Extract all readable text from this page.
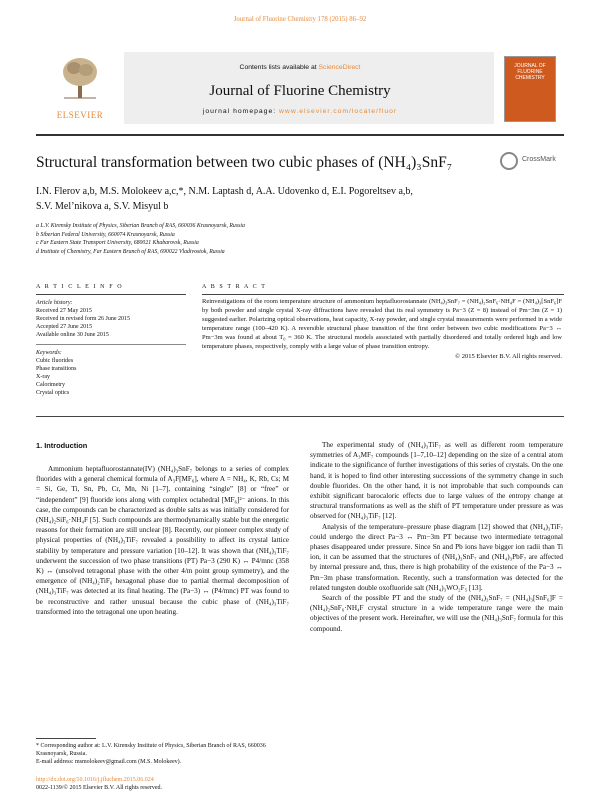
Journal of Fluorine Chemistry 178 (2015) 86–92
ELSEVIER
Contents lists available at ScienceDirect
Journal of Fluorine Chemistry
journal homepage: www.elsevier.com/locate/fluor
JOURNAL OF FLUORINE CHEMISTRY
Structural transformation between two cubic phases of (NH₄)₃SnF₇	CrossMark
I.N. Flerov a,b, M.S. Molokeev a,c,*, N.M. Laptash d, A.A. Udovenko d, E.I. Pogoreltsev a,b,
S.V. Mel’nikova a, S.V. Misyul b
a L.V. Kirensky Institute of Physics, Siberian Branch of RAS, 660036 Krasnoyarsk, Russia
b Siberian Federal University, 660074 Krasnoyarsk, Russia
c Far Eastern State Transport University, 680021 Khabarovsk, Russia
d Institute of Chemistry, Far Eastern Branch of RAS, 690022 Vladivostok, Russia
A R T I C L E I N F O	A B S T R A C T
Article history:
Received 27 May 2015
Received in revised form 26 June 2015
Accepted 27 June 2015
Available online 30 June 2015
Keywords:
Cubic fluorides
Phase transitions
X-ray
Calorimetry
Crystal optics
Reinvestigations of the room temperature structure of ammonium heptafluorostannate (NH₄)₃SnF₇ = (NH₄)₂SnF₆·NH₄F = (NH₄)₃[SnF₆]F by both powder and single crystal X-ray diffractions have revealed that its real symmetry is Pa−3 (Z = 8) instead of Pm−3m (Z = 1) suggested earlier. Polarizing optical observations, heat capacity, X-ray powder, and single crystal measurements were performed in a wide temperature range (100–420 K). A reversible structural phase transition of the first order between two cubic modifications Pa−3 ↔ Pm−3m was found at about T₀ = 360 K. The structural models associated with partially disordered and totally ordered high and low temperature phases, respectively, comply with a large value of phase transition entropy.
© 2015 Elsevier B.V. All rights reserved.
1. Introduction

Ammonium heptafluorostannate(IV) (NH₄)₃SnF₇ belongs to a series of complex fluorides with a general chemical formula of A₃F[MF₆], where A = NH₄, K, Rb, Cs; M = Si, Ge, Ti, Sn, Pb, Cr, Mn, Ni [1–7], containing “single” [8] or “free” or “independent” [9] fluoride ions along with complex octahedral [MF₆]²⁻ anions. In this case, the compounds can be characterized as double salts as was initially considered for (NH₄)₂SiF₆·NH₄F [5]. Such compounds are thermodynamically stable but the energetic reasons for their formation are still unclear [8]. Recently, our pioneer complex study of physical properties of (NH₄)₃TiF₇ revealed a possibility to affect its crystal lattice stability by temperature and pressure variation [10–12]. It was shown that (NH₄)₃TiF₇ underwent the succession of two phase transitions (PT) Pa−3 (290 K) ↔ P4/mnc (358 K) ↔ (unsolved tetragonal phase with the other 4/m point group symmetry), and the emergence of (NH₄)₂TiF₆ hexagonal phase due to partial thermal decomposition of (NH₄)₃TiF₇ was detected at its final heating. The (Pa−3) ↔ (P4/mnc) PT was found to be reconstructive and rather unusual because the cubic phase of (NH₄)₃TiF₇ transformed into the tetragonal one upon heating.

The experimental study of (NH₄)₃TiF₇ as well as different room temperature symmetries of A₃MF₇ compounds [1–7,10–12] depending on the size of a central atom indicate to the significance of further investigations of this series of crystals. On the one hand, it is hoped to find other interesting successions of the symmetry change in such double fluorides. On the other hand, it is not improbable that such compounds can exhibit significant barocaloric effects due to large values of the entropy change at structural transformations as well as the shift of PT temperature under pressure as was observed for (NH₄)₃TiF₇ [12].

Analysis of the temperature–pressure phase diagram [12] showed that (NH₄)₃TiF₇ could undergo the direct Pa−3 ↔ Pm−3m PT because two intermediate tetragonal phases disappeared under pressure. Since Sn and Pb ions have bigger ion radii than Ti ion, it can be assumed that the structures of (NH₄)₃SnF₇ and (NH₄)₃PbF₇ are affected by internal pressure and, thus, there is high probability of the existence of the Pa−3 ↔ Pm−3m phase transformation. Recently, such a transformation was detected for the related tungsten double oxofluoride salt (NH₄)₃WO₂F₅ [13].

Search of the possible PT and the study of the (NH₄)₃SnF₇ = (NH₄)₃[SnF₆]F = (NH₄)₂SnF₆·NH₄F crystal structure in a wide temperature range were the main objectives of the present work. Hereinafter, we will use the (NH₄)₃SnF₇ formula for this compound.

* Corresponding author at: L.V. Kirensky Institute of Physics, Siberian Branch of RAS, 660036 Krasnoyarsk, Russia.
E-mail address: msmolokeev@gmail.com (M.S. Molokeev).
http://dx.doi.org/10.1016/j.jfluchem.2015.06.024
0022-1139/© 2015 Elsevier B.V. All rights reserved.
